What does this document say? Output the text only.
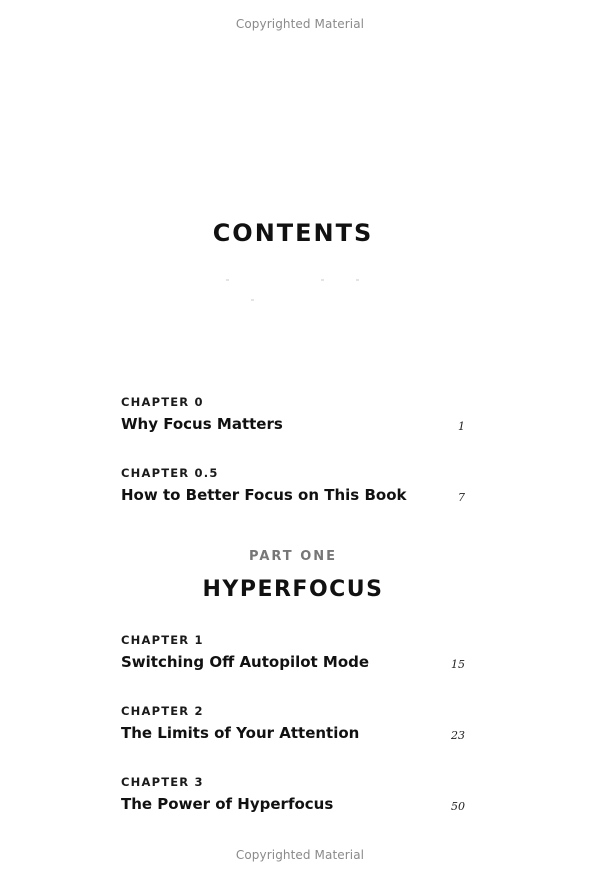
Copyrighted Material
CONTENTS
CHAPTER 0
Why Focus Matters	1
CHAPTER 0.5
How to Better Focus on This Book	7
PART ONE
HYPERFOCUS
CHAPTER 1
Switching Off Autopilot Mode	15
CHAPTER 2
The Limits of Your Attention	23
CHAPTER 3
The Power of Hyperfocus	50
Copyrighted Material
